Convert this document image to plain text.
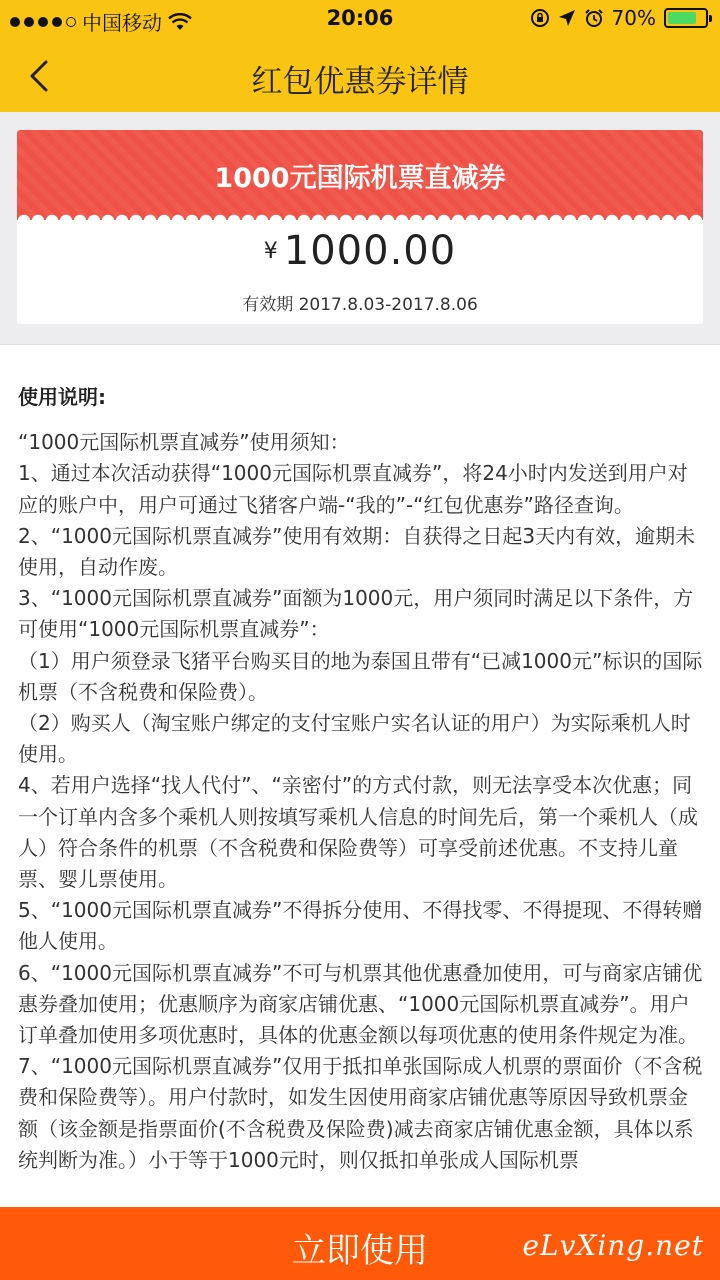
中国移动	20:06	70%
红包优惠券详情
1000元国际机票直减券
¥ 1000.00
有效期 2017.8.03-2017.8.06
使用说明:

“1000元国际机票直减券”使用须知：

1、通过本次活动获得“1000元国际机票直减券”，将24小时内发送到用户对应的账户中，用户可通过飞猪客户端-“我的”-“红包优惠券”路径查询。

2、“1000元国际机票直减券”使用有效期：自获得之日起3天内有效，逾期未使用，自动作废。

3、“1000元国际机票直减券”面额为1000元，用户须同时满足以下条件，方可使用“1000元国际机票直减券”：

（1）用户须登录飞猪平台购买目的地为泰国且带有“已减1000元”标识的国际机票（不含税费和保险费）。

（2）购买人（淘宝账户绑定的支付宝账户实名认证的用户）为实际乘机人时使用。

4、若用户选择“找人代付”、“亲密付”的方式付款，则无法享受本次优惠；同一个订单内含多个乘机人则按填写乘机人信息的时间先后，第一个乘机人（成人）符合条件的机票（不含税费和保险费等）可享受前述优惠。不支持儿童票、婴儿票使用。

5、“1000元国际机票直减券”不得拆分使用、不得找零、不得提现、不得转赠他人使用。

6、“1000元国际机票直减券”不可与机票其他优惠叠加使用，可与商家店铺优惠券叠加使用；优惠顺序为商家店铺优惠、“1000元国际机票直减券”。用户订单叠加使用多项优惠时，具体的优惠金额以每项优惠的使用条件规定为准。

7、“1000元国际机票直减券”仅用于抵扣单张国际成人机票的票面价（不含税费和保险费等）。用户付款时，如发生因使用商家店铺优惠等原因导致机票金额（该金额是指票面价(不含税费及保险费)减去商家店铺优惠金额，具体以系统判断为准。）小于等于1000元时，则仅抵扣单张成人国际机票

立即使用	eLvXing.net
